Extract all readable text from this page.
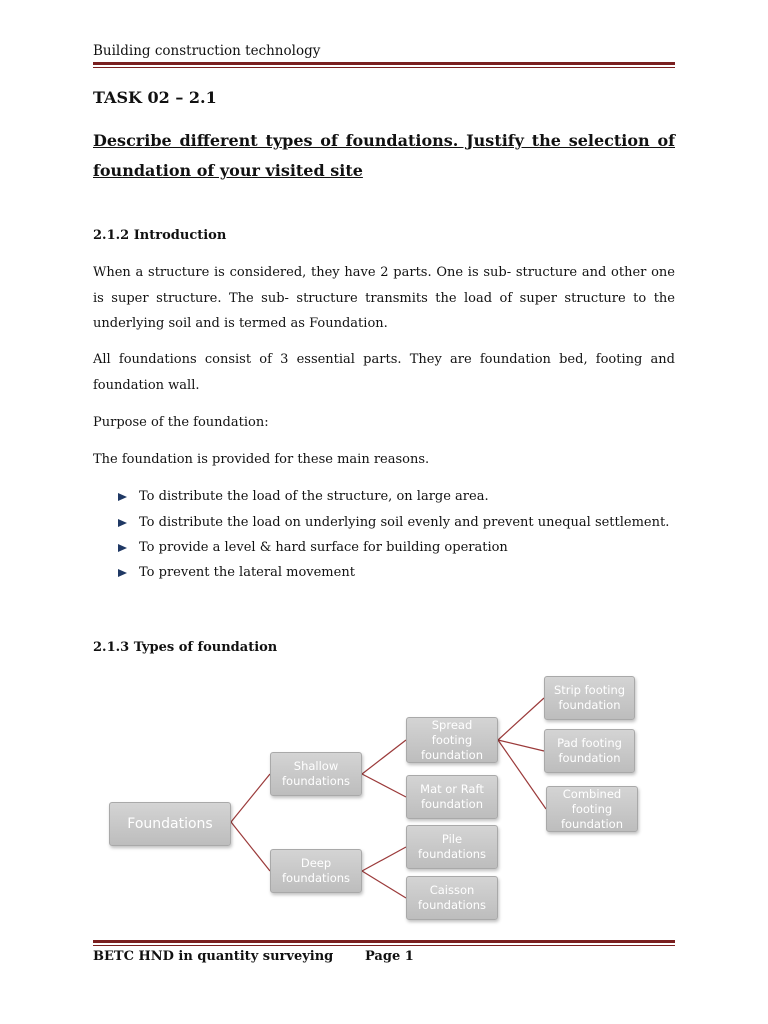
Building construction technology
TASK 02 – 2.1
Describe different types of foundations. Justify the selection of foundation of your visited site
2.1.2 Introduction
When a structure is considered, they have 2 parts. One is sub- structure and other one is super structure. The sub- structure transmits the load of super structure to the underlying soil and is termed as Foundation.
All foundations consist of 3 essential parts. They are foundation bed, footing and foundation wall.
Purpose of the foundation:
The foundation is provided for these main reasons.
To distribute the load of the structure, on large area.
To distribute the load on underlying soil evenly and prevent unequal settlement.
To provide a level & hard surface for building operation
To prevent the lateral movement
2.1.3 Types of foundation
Foundations
Shallow foundations
Deep foundations
Spread footing foundation
Mat or Raft foundation
Pile foundations
Caisson foundations
Strip footing foundation
Pad footing foundation
Combined footing foundation
BETC HND in quantity surveying Page 1
